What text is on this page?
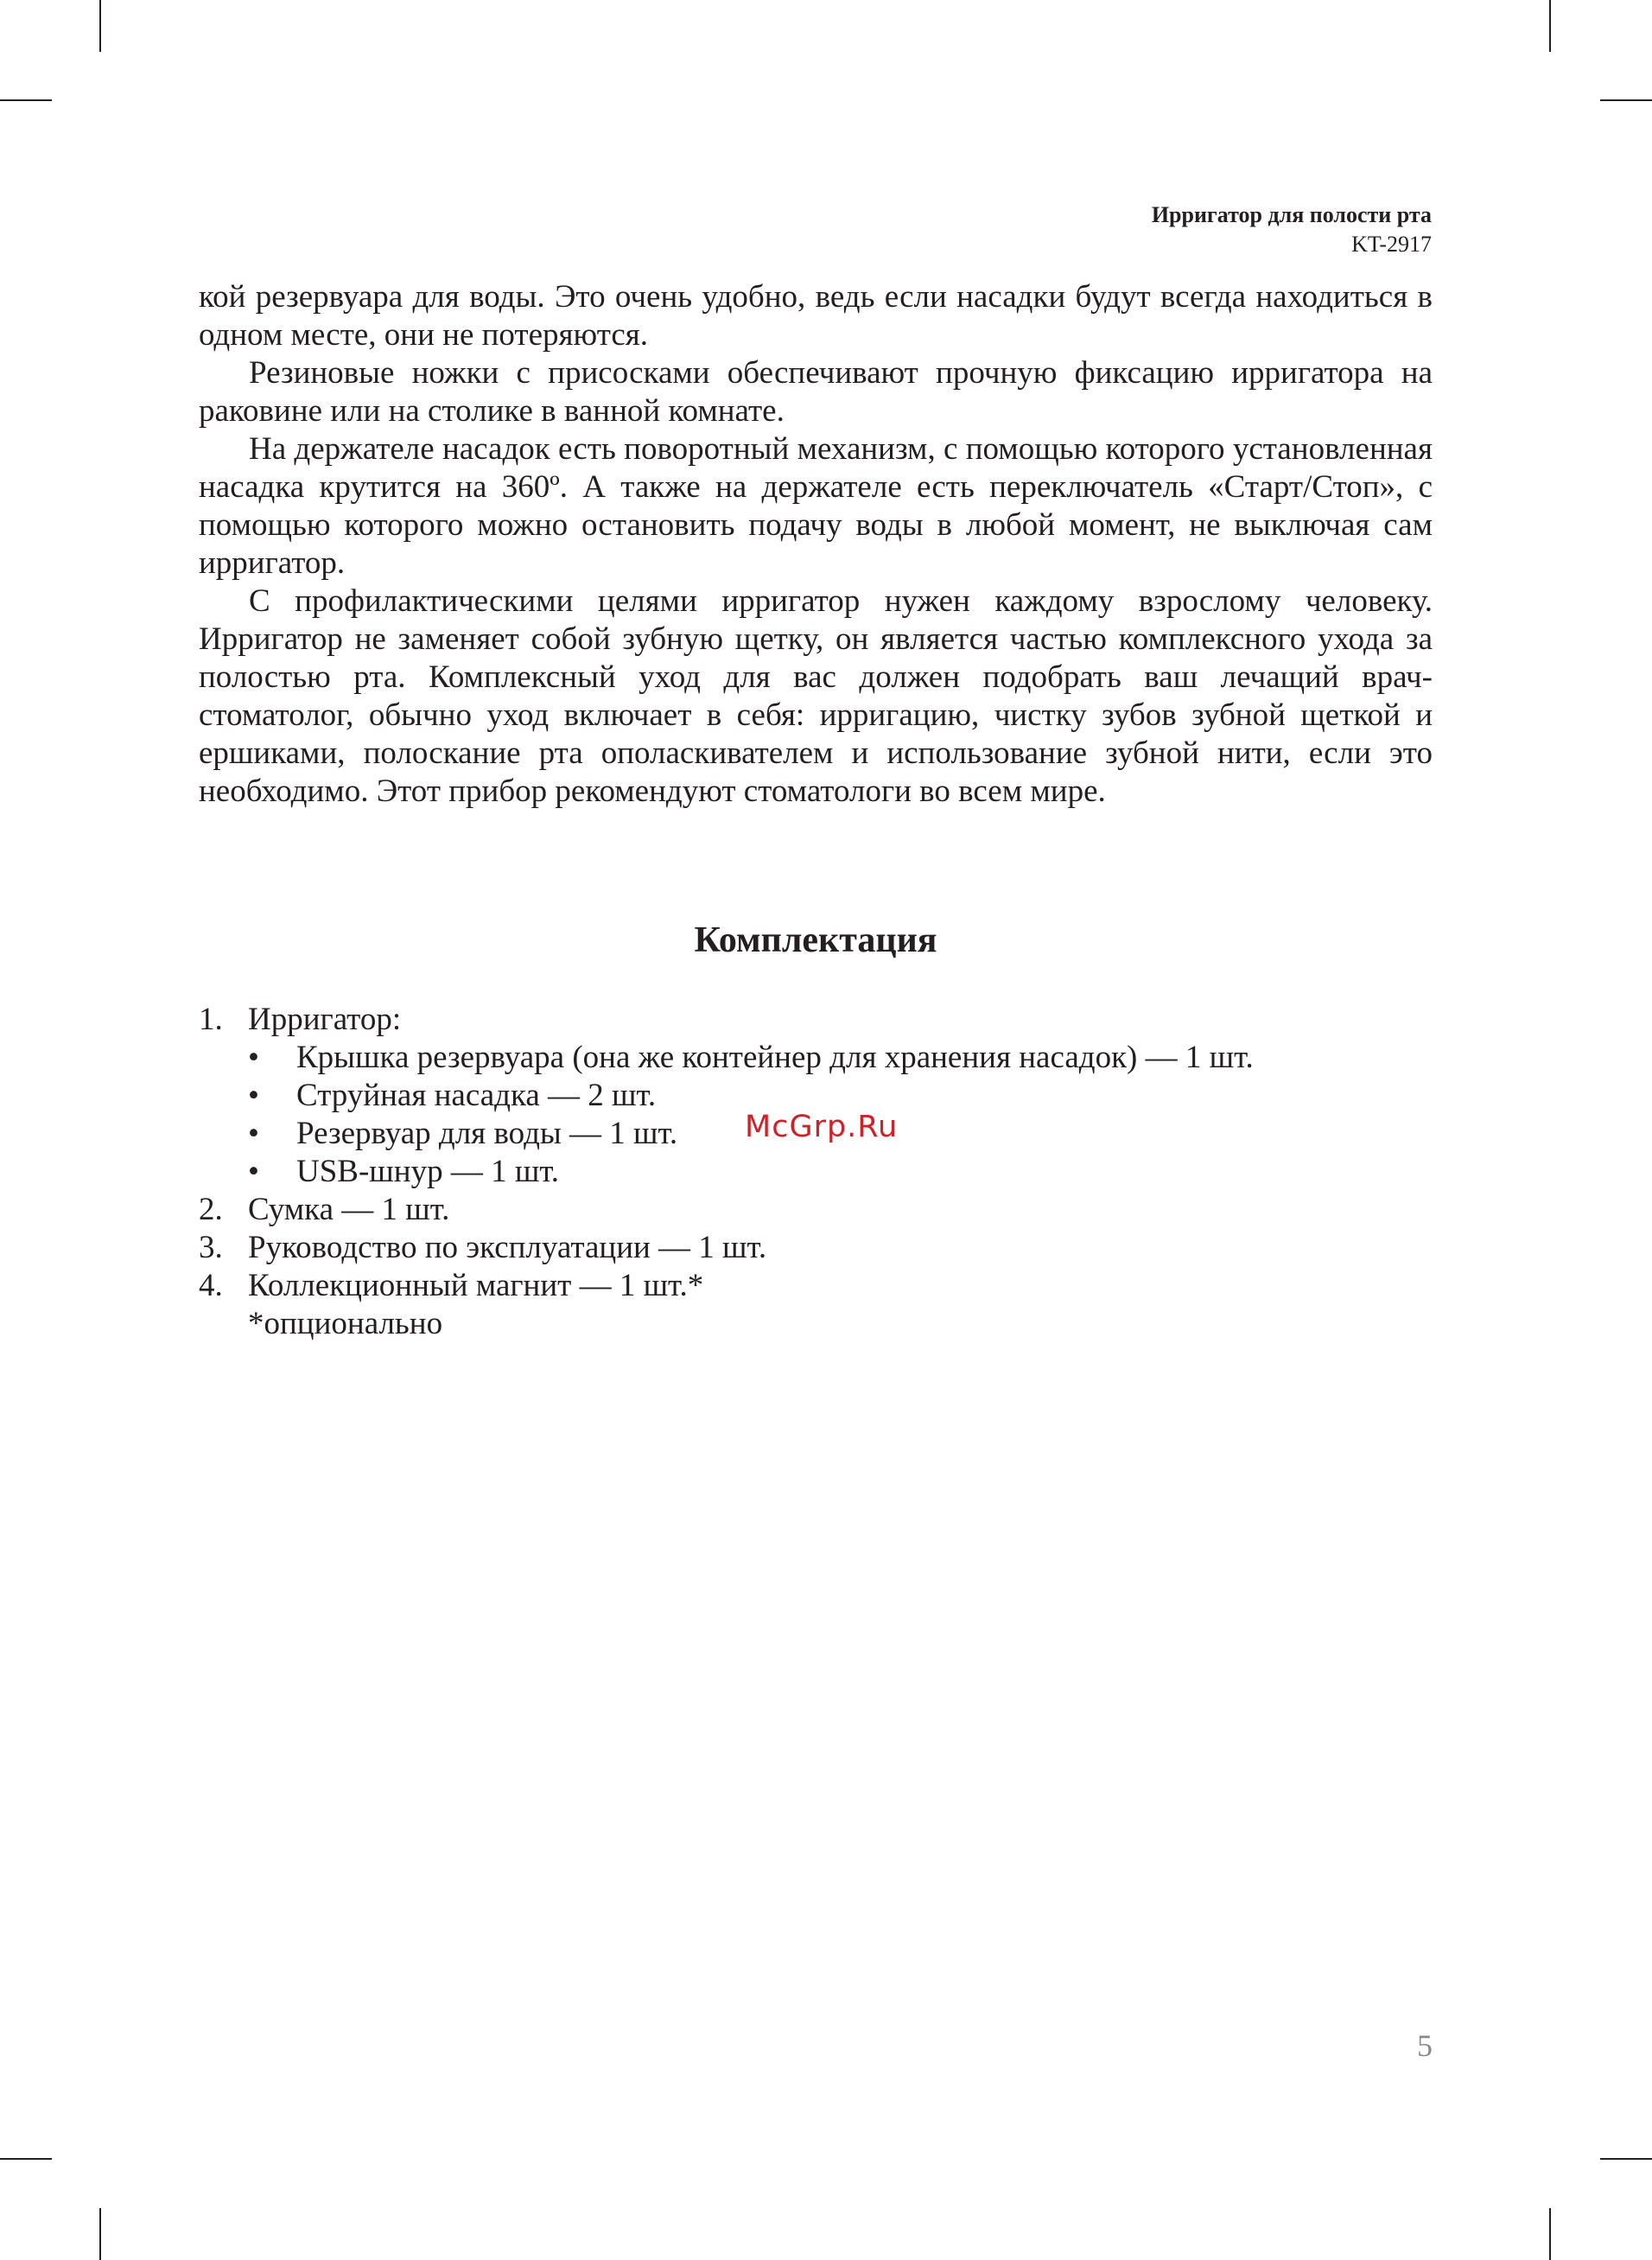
Ирригатор для полости рта
KT-2917

кой резервуара для воды. Это очень удобно, ведь если насадки будут всегда находиться в одном месте, они не потеряются.

Резиновые ножки с присосками обеспечивают прочную фиксацию ирригатора на раковине или на столике в ванной комнате.

На держателе насадок есть поворотный механизм, с помощью которого установленная насадка крутится на 360º. А также на держателе есть переключатель «Старт/Стоп», с помощью которого можно остановить подачу воды в любой момент, не выключая сам ирригатор.

С профилактическими целями ирригатор нужен каждому взрослому человеку. Ирригатор не заменяет собой зубную щетку, он является частью комплексного ухода за полостью рта. Комплексный уход для вас должен подобрать ваш лечащий врач-стоматолог, обычно уход включает в себя: ирригацию, чистку зубов зубной щеткой и ершиками, полоскание рта ополаскивателем и использование зубной нити, если это необходимо. Этот прибор рекомендуют стоматологи во всем мире.

Комплектация
1. Ирригатор:
• Крышка резервуара (она же контейнер для хранения насадок) — 1 шт.
• Струйная насадка — 2 шт.
• Резервуар для воды — 1 шт.
• USB-шнур — 1 шт.
2. Сумка — 1 шт.
3. Руководство по эксплуатации — 1 шт.
4. Коллекционный магнит — 1 шт.*
*опционально
McGrp.Ru
5
